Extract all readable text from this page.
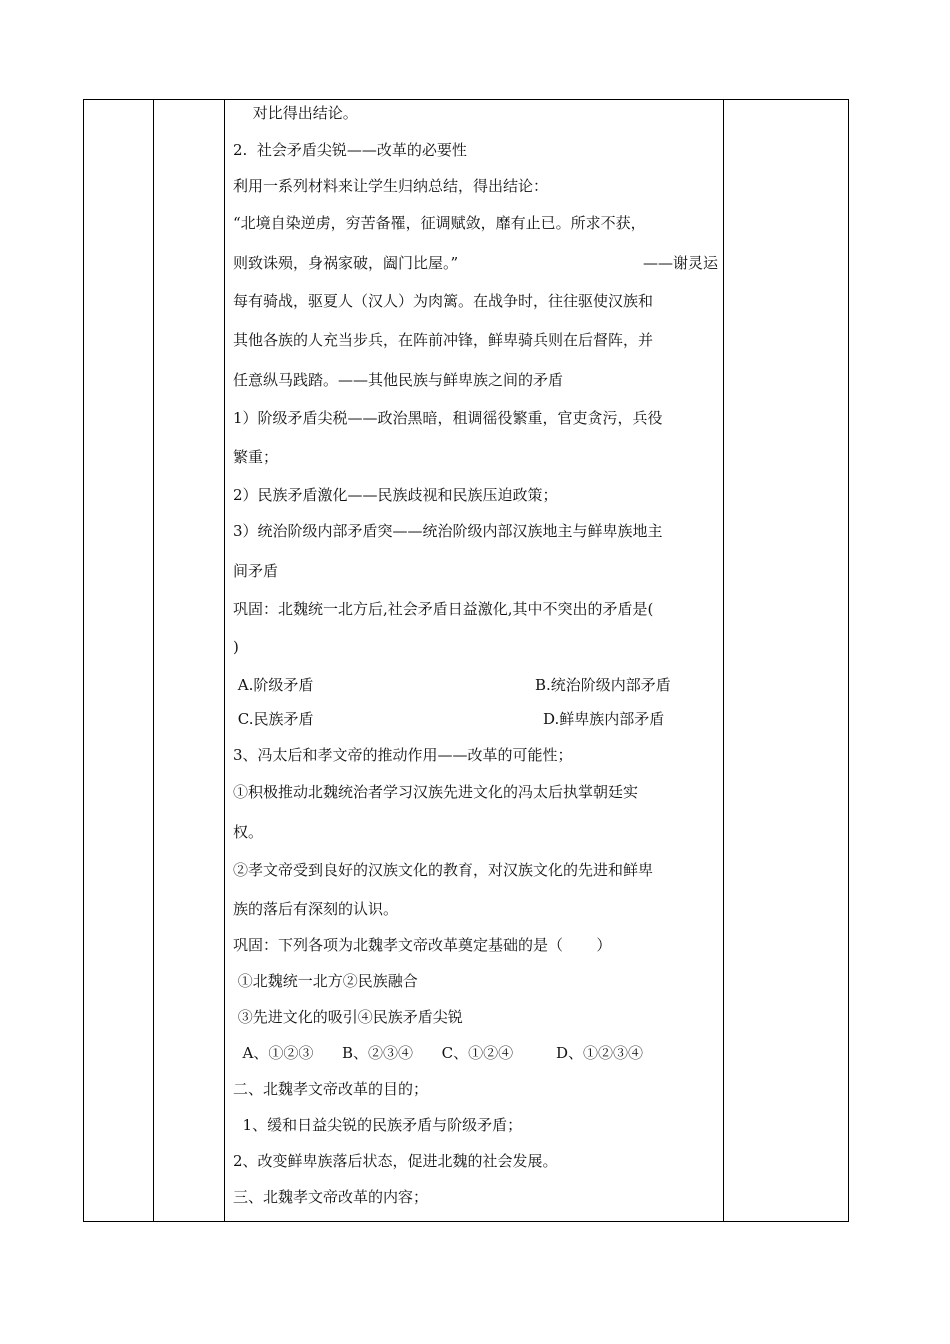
　 对比得出结论。
2.  社会矛盾尖锐——改革的必要性
利用一系列材料来让学生归纳总结，得出结论：
“北境自染逆虏，穷苦备罹，征调赋敛，靡有止已。所求不获，
则致诛殒，身祸家破，阖门比屋。”	——谢灵运
每有骑战，驱夏人（汉人）为肉篱。在战争时，往往驱使汉族和
其他各族的人充当步兵，在阵前冲锋，鲜卑骑兵则在后督阵，并
任意纵马践踏。——其他民族与鲜卑族之间的矛盾
1）阶级矛盾尖税——政治黑暗，租调徭役繁重，官吏贪污，兵役
繁重；
2）民族矛盾激化——民族歧视和民族压迫政策；
3）统治阶级内部矛盾突——统治阶级内部汉族地主与鲜卑族地主
间矛盾
巩固：北魏统一北方后,社会矛盾日益激化,其中不突出的矛盾是(
)
A.阶级矛盾	B.统治阶级内部矛盾
C.民族矛盾	D.鲜卑族内部矛盾
3、冯太后和孝文帝的推动作用——改革的可能性；
①积极推动北魏统治者学习汉族先进文化的冯太后执掌朝廷实
权。
②孝文帝受到良好的汉族文化的教育，对汉族文化的先进和鲜卑
族的落后有深刻的认识。
巩固：下列各项为北魏孝文帝改革奠定基础的是（       ）
①北魏统一北方②民族融合
③先进文化的吸引④民族矛盾尖锐
A、①②③      B、②③④      C、①②④         D、①②③④
二、北魏孝文帝改革的目的；
1、缓和日益尖锐的民族矛盾与阶级矛盾；
2、改变鲜卑族落后状态，促进北魏的社会发展。
三、北魏孝文帝改革的内容；
